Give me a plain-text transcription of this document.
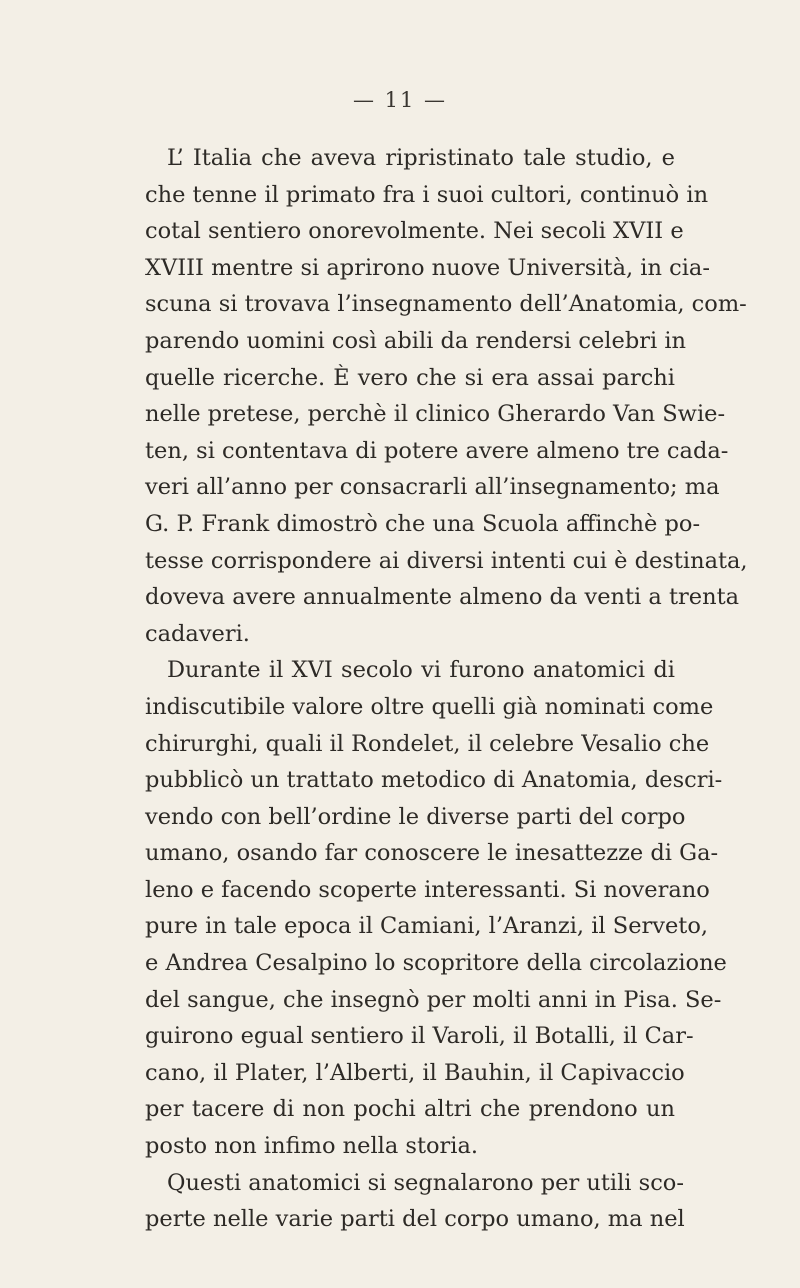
— 11 —
L’ Italia che aveva ripristinato tale studio, e
che tenne il primato fra i suoi cultori, continuò in
cotal sentiero onorevolmente. Nei secoli XVII e
XVIII mentre si aprirono nuove Università, in cia-
scuna si trovava l’insegnamento dell’Anatomia, com-
parendo uomini così abili da rendersi celebri in
quelle ricerche. È vero che si era assai parchi
nelle pretese, perchè il clinico Gherardo Van Swie-
ten, si contentava di potere avere almeno tre cada-
veri all’anno per consacrarli all’insegnamento; ma
G. P. Frank dimostrò che una Scuola affinchè po-
tesse corrispondere ai diversi intenti cui è destinata,
doveva avere annualmente almeno da venti a trenta
cadaveri.
Durante il XVI secolo vi furono anatomici di
indiscutibile valore oltre quelli già nominati come
chirurghi, quali il Rondelet, il celebre Vesalio che
pubblicò un trattato metodico di Anatomia, descri-
vendo con bell’ordine le diverse parti del corpo
umano, osando far conoscere le inesattezze di Ga-
leno e facendo scoperte interessanti. Si noverano
pure in tale epoca il Camiani, l’Aranzi, il Serveto,
e Andrea Cesalpino lo scopritore della circolazione
del sangue, che insegnò per molti anni in Pisa. Se-
guirono egual sentiero il Varoli, il Botalli, il Car-
cano, il Plater, l’Alberti, il Bauhin, il Capivaccio
per tacere di non pochi altri che prendono un
posto non infimo nella storia.
Questi anatomici si segnalarono per utili sco-
perte nelle varie parti del corpo umano, ma nel
